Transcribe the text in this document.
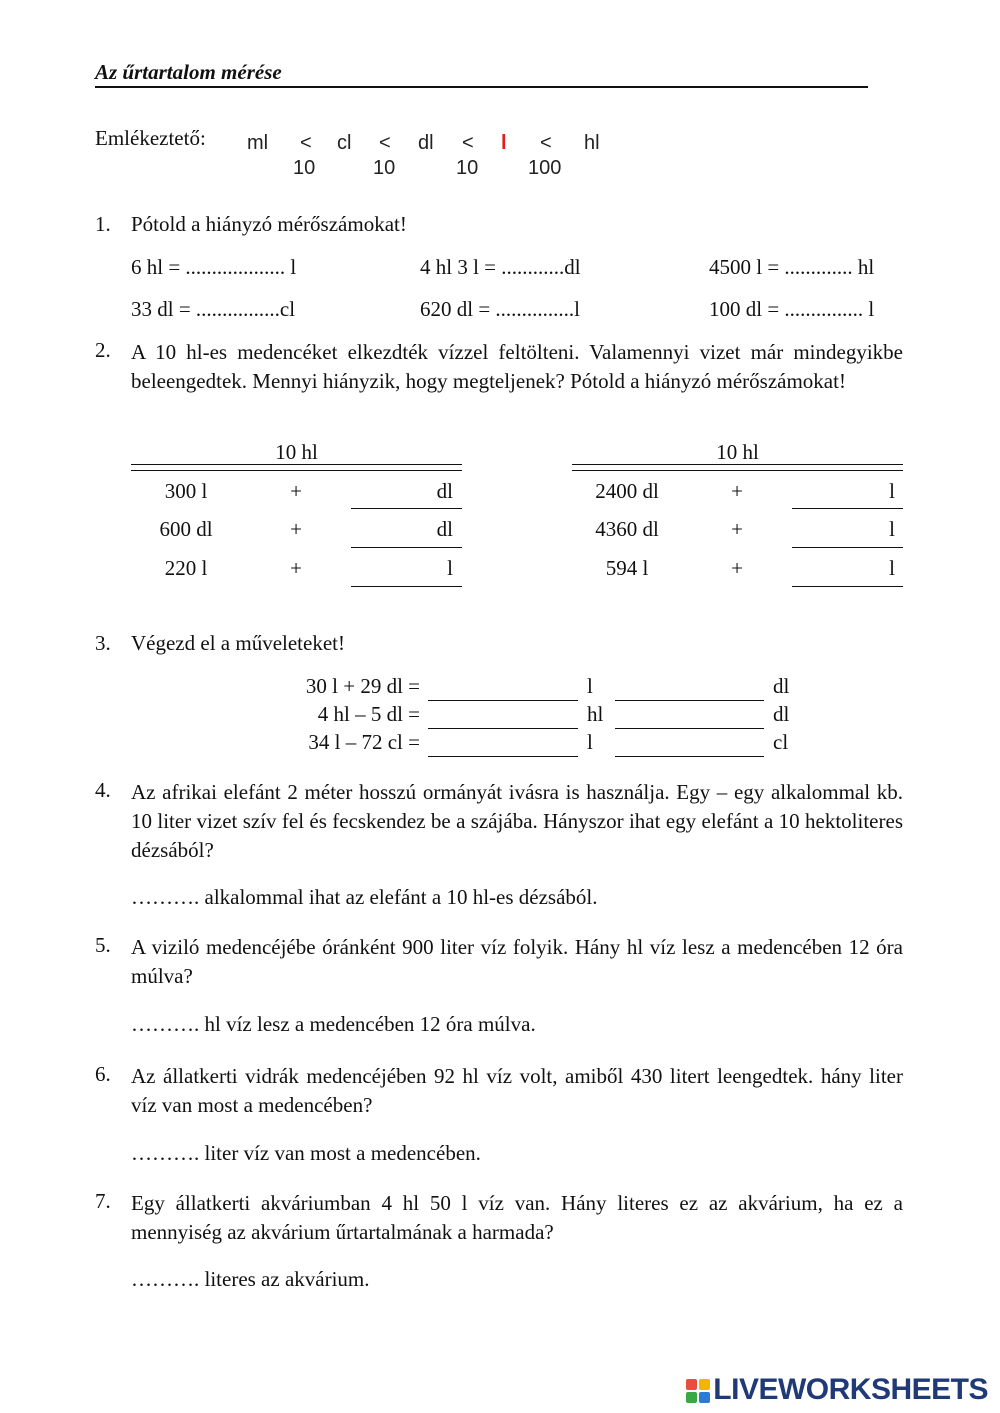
Az űrtartalom mérése
Emlékeztető: ml < cl < dl < l < hl
10	10	10 100
1. Pótold a hiányzó mérőszámokat!
6 hl = ................... l	4 hl 3 l = ............dl	4500 l = ............. hl
33 dl = ................cl	620 dl = ...............l	100 dl = ............... l
2. A 10 hl-es medencéket elkezdték vízzel feltölteni. Valamennyi vizet már mindegyikbe beleengedtek. Mennyi hiányzik, hogy megteljenek? Pótold a hiányzó mérőszámokat!
10 hl
300 l	+	dl
600 dl	+	dl
220 l	+	l
10 hl
2400 dl	+	l
4360 dl	+	l
594 l	+	l
3. Végezd el a műveleteket!
30 l + 29 dl =	l	dl
4 hl – 5 dl =	hl	dl
34 l – 72 cl =	l	cl
4. Az afrikai elefánt 2 méter hosszú ormányát ivásra is használja. Egy – egy alkalommal kb. 10 liter vizet szív fel és fecskendez be a szájába. Hányszor ihat egy elefánt a 10 hektoliteres dézsából?
………. alkalommal ihat az elefánt a 10 hl-es dézsából.
5. A viziló medencéjébe óránként 900 liter víz folyik. Hány hl víz lesz a medencében 12 óra múlva?
………. hl víz lesz a medencében 12 óra múlva.
6. Az állatkerti vidrák medencéjében 92 hl víz volt, amiből 430 litert leengedtek. hány liter víz van most a medencében?
………. liter víz van most a medencében.
7. Egy állatkerti akváriumban 4 hl 50 l víz van. Hány literes ez az akvárium, ha ez a mennyiség az akvárium űrtartalmának a harmada?
………. literes az akvárium.
LIVEWORKSHEETS
